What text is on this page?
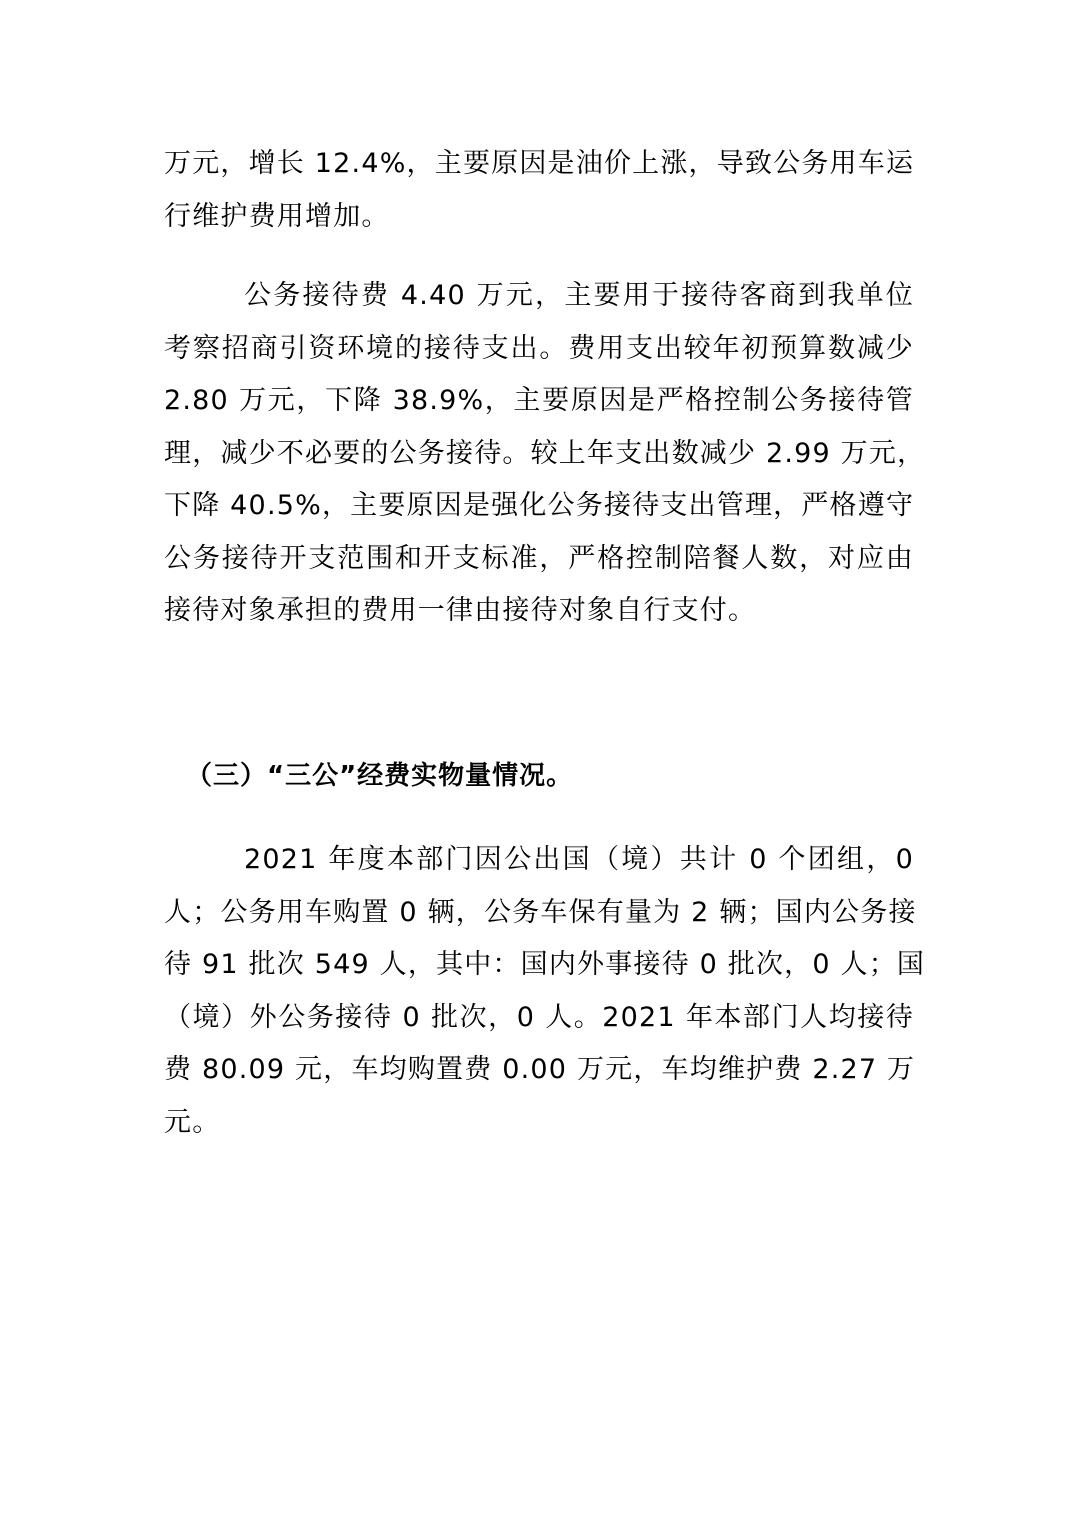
万元，增长 12.4%，主要原因是油价上涨，导致公务用车运
行维护费用增加。
公务接待费 4.40 万元，主要用于接待客商到我单位
考察招商引资环境的接待支出。费用支出较年初预算数减少
2.80 万元，下降 38.9%，主要原因是严格控制公务接待管
理，减少不必要的公务接待。较上年支出数减少 2.99 万元，
下降 40.5%，主要原因是强化公务接待支出管理，严格遵守
公务接待开支范围和开支标准，严格控制陪餐人数，对应由
接待对象承担的费用一律由接待对象自行支付。
（三）“三公”经费实物量情况。
2021 年度本部门因公出国（境）共计 0 个团组，0
人；公务用车购置 0 辆，公务车保有量为 2 辆；国内公务接
待 91 批次 549 人，其中：国内外事接待 0 批次，0 人；国
（境）外公务接待 0 批次，0 人。2021 年本部门人均接待
费 80.09 元，车均购置费 0.00 万元，车均维护费 2.27 万
元。
